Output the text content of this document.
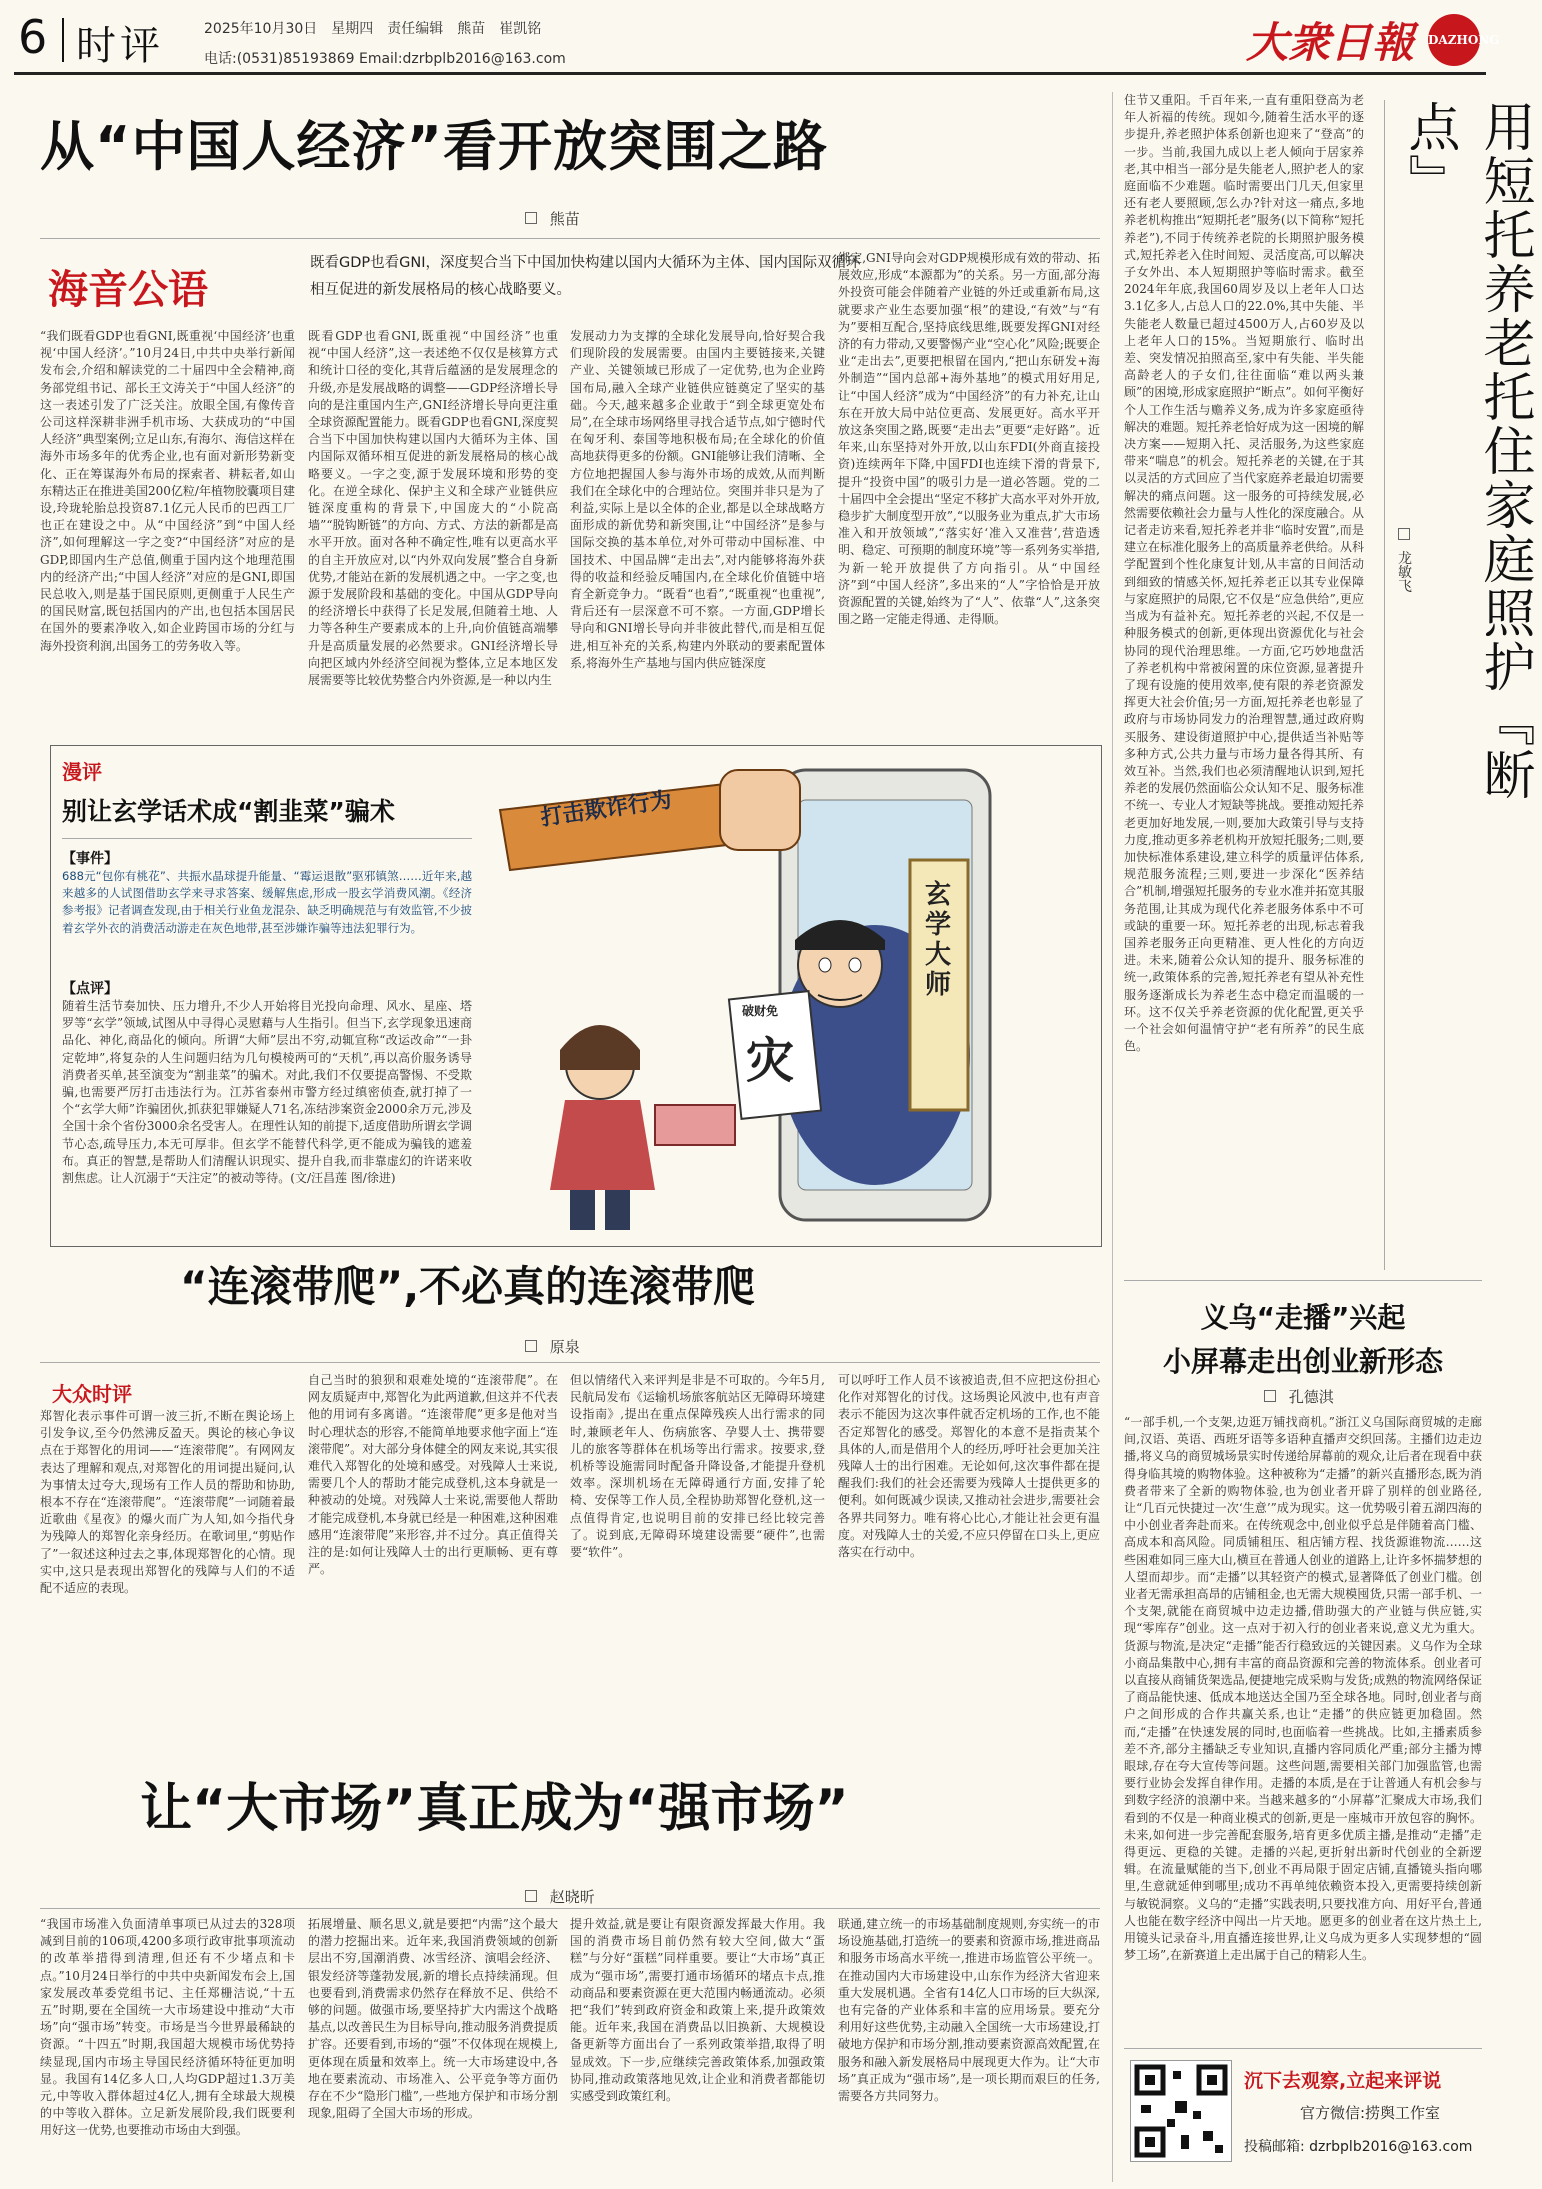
6 时评	2025年10月30日　星期四　责任编辑　熊苗　崔凯铭
电话:(0531)85193869 Email:dzrbplb2016@163.com	大衆日報 DAZHONG
从“中国人经济”看开放突围之路
熊苗
海音公语
既看GDP也看GNI，深度契合当下中国加快构建以国内大循环为主体、国内国际双循环
相互促进的新发展格局的核心战略要义。
“我们既看GDP也看GNI,既重视‘中国经济’也重视‘中国人经济’。”10月24日,中共中央举行新闻发布会,介绍和解读党的二十届四中全会精神,商务部党组书记、部长王文涛关于“中国人经济”的这一表述引发了广泛关注。放眼全国,有像传音公司这样深耕非洲手机市场、大获成功的“中国人经济”典型案例;立足山东,有海尔、海信这样在海外市场多年的优秀企业,也有面对新形势新变化、正在筹谋海外布局的探索者、耕耘者,如山东精达正在推进美国200亿粒/年植物胶囊项目建设,玲珑轮胎总投资87.1亿元人民币的巴西工厂也正在建设之中。从“中国经济”到“中国人经济”,如何理解这一字之变?“中国经济”对应的是GDP,即国内生产总值,侧重于国内这个地理范围内的经济产出;“中国人经济”对应的是GNI,即国民总收入,则是基于国民原则,更侧重于人民生产的国民财富,既包括国内的产出,也包括本国居民在国外的要素净收入,如企业跨国市场的分红与海外投资利润,出国务工的劳务收入等。
既看GDP也看GNI,既重视“中国经济”也重视“中国人经济”,这一表述绝不仅仅是核算方式和统计口径的变化,其背后蕴涵的是发展理念的升级,亦是发展战略的调整——GDP经济增长导向的是注重国内生产,GNI经济增长导向更注重全球资源配置能力。既看GDP也看GNI,深度契合当下中国加快构建以国内大循环为主体、国内国际双循环相互促进的新发展格局的核心战略要义。一字之变,源于发展环境和形势的变化。在逆全球化、保护主义和全球产业链供应链深度重构的背景下,中国庞大的“小院高墙”“脱钩断链”的方向、方式、方法的新都是高水平开放。面对各种不确定性,唯有以更高水平的自主开放应对,以“内外双向发展”整合自身新优势,才能站在新的发展机遇之中。一字之变,也源于发展阶段和基础的变化。中国从GDP导向的经济增长中获得了长足发展,但随着土地、人力等各种生产要素成本的上升,向价值链高端攀升是高质量发展的必然要求。GNI经济增长导向把区域内外经济空间视为整体,立足本地区发展需要等比较优势整合内外资源,是一种以内生
发展动力为支撑的全球化发展导向,恰好契合我们现阶段的发展需要。由国内主要链接来,关键产业、关键领域已形成了一定优势,也为企业跨国布局,融入全球产业链供应链奠定了坚实的基础。今天,越来越多企业敢于“到全球更宽处布局”,在全球市场网络里寻找合适节点,如宁德时代在匈牙利、泰国等地积极布局;在全球化的价值高地获得更多的份额。GNI能够让我们清晰、全方位地把握国人参与海外市场的成效,从而判断我们在全球化中的合理站位。突围并非只是为了利益,实际上是以全体的企业,都是以全球战略方面形成的新优势和新突围,让“中国经济”是参与国际交换的基本单位,对外可带动中国标准、中国技术、中国品牌“走出去”,对内能够将海外获得的收益和经验反哺国内,在全球化价值链中培育全新竞争力。“既看“也看”,“既重视“也重视”,背后还有一层深意不可不察。一方面,GDP增长导向和GNI增长导向并非彼此替代,而是相互促进,相互补充的关系,构建内外联动的要素配置体系,将海外生产基地与国内供应链深度
绑定,GNI导向会对GDP规模形成有效的带动、拓展效应,形成“本源都为”的关系。另一方面,部分海外投资可能会伴随着产业链的外迁或重新布局,这就要求产业生态要加强“根”的建设,“有效”与“有为”要相互配合,坚持底线思维,既要发挥GNI对经济的有力带动,又要警惕产业“空心化”风险;既要企业“走出去”,更要把根留在国内,“把山东研发+海外制造”“国内总部+海外基地”的模式用好用足,让“中国人经济”成为“中国经济”的有力补充,让山东在开放大局中站位更高、发展更好。高水平开放这条突围之路,既要“走出去”更要“走好路”。近年来,山东坚持对外开放,以山东FDI(外商直接投资)连续两年下降,中国FDI也连续下滑的背景下,提升“投资中国”的吸引力是一道必答题。党的二十届四中全会提出“坚定不移扩大高水平对外开放,稳步扩大制度型开放”,“以服务业为重点,扩大市场准入和开放领域”,“落实好‘准入又准营’,营造透明、稳定、可预期的制度环境”等一系列务实举措,为新一轮开放提供了方向指引。从“中国经济”到“中国人经济”,多出来的“人”字恰恰是开放资源配置的关键,始终为了“人”、依靠“人”,这条突围之路一定能走得通、走得顺。
漫评
别让玄学话术成“割韭菜”骗术
【事件】
688元“包你有桃花”、共振水晶球提升能量、“霉运退散”驱邪镇煞……近年来,越来越多的人试图借助玄学来寻求答案、缓解焦虑,形成一股玄学消费风潮。《经济参考报》记者调查发现,由于相关行业鱼龙混杂、缺乏明确规范与有效监管,不少披着玄学外衣的消费活动游走在灰色地带,甚至涉嫌诈骗等违法犯罪行为。
【点评】
随着生活节奏加快、压力增升,不少人开始将目光投向命理、风水、星座、塔罗等“玄学”领域,试图从中寻得心灵慰藉与人生指引。但当下,玄学现象迅速商品化、神化,商品化的倾向。所谓“大师”层出不穷,动辄宣称“改运改命”“一卦定乾坤”,将复杂的人生问题归结为几句模棱两可的“天机”,再以高价服务诱导消费者买单,甚至演变为“割韭菜”的骗术。对此,我们不仅要提高警惕、不受欺骗,也需要严厉打击违法行为。江苏省泰州市警方经过缜密侦查,就打掉了一个“玄学大师”诈骗团伙,抓获犯罪嫌疑人71名,冻结涉案资金2000余万元,涉及全国十余个省份3000余名受害人。在理性认知的前提下,适度借助所谓玄学调节心态,疏导压力,本无可厚非。但玄学不能替代科学,更不能成为骗钱的遮羞布。真正的智慧,是帮助人们清醒认识现实、提升自我,而非靠虚幻的许诺来收割焦虑。让人沉溺于“天注定”的被动等待。(文/汪昌莲 图/徐进)
打击欺诈行为
玄学大师
破财免
灾
“连滚带爬”,不必真的连滚带爬
原泉
大众时评
郑智化表示事件可谓一波三折,不断在舆论场上引发争议,至今仍然沸反盈天。舆论的核心争议点在于郑智化的用词——“连滚带爬”。有网网友表达了理解和观点,对郑智化的用词提出疑问,认为事情太过夸大,现场有工作人员的帮助和协助,根本不存在“连滚带爬”。“连滚带爬”一词随着最近歌曲《星夜》的爆火而广为人知,如今指代身为残障人的郑智化亲身经历。在歌词里,“剪贴作了”一叙述这种过去之事,体现郑智化的心情。现实中,这只是表现出郑智化的残障与人们的不适配不适应的表现。
自己当时的狼狈和艰难处境的“连滚带爬”。在网友质疑声中,郑智化为此两道歉,但这并不代表他的用词有多离谱。“连滚带爬”更多是他对当时心理状态的形容,不能简单地要求他字面上“连滚带爬”。对大部分身体健全的网友来说,其实很难代入郑智化的处境和感受。对残障人士来说,需要几个人的帮助才能完成登机,这本身就是一种被动的处境。对残障人士来说,需要他人帮助才能完成登机,本身就已经是一种困难,这种困难感用“连滚带爬”来形容,并不过分。真正值得关注的是:如何让残障人士的出行更顺畅、更有尊严。
但以情绪代入来评判是非是不可取的。今年5月,民航局发布《运输机场旅客航站区无障碍环境建设指南》,提出在重点保障残疾人出行需求的同时,兼顾老年人、伤病旅客、孕婴人士、携带婴儿的旅客等群体在机场等出行需求。按要求,登机桥等设施需同时配备升降设备,才能提升登机效率。深圳机场在无障碍通行方面,安排了轮椅、安保等工作人员,全程协助郑智化登机,这一点值得肯定,也说明目前的安排已经比较完善了。说到底,无障碍环境建设需要“硬件”,也需要“软件”。
可以呼吁工作人员不该被追责,但不应把这份担心化作对郑智化的讨伐。这场舆论风波中,也有声音表示不能因为这次事件就否定机场的工作,也不能否定郑智化的感受。郑智化的本意不是指责某个具体的人,而是借用个人的经历,呼吁社会更加关注残障人士的出行困难。无论如何,这次事件都在提醒我们:我们的社会还需要为残障人士提供更多的便利。如何既减少误读,又推动社会进步,需要社会各界共同努力。唯有将心比心,才能让社会更有温度。对残障人士的关爱,不应只停留在口头上,更应落实在行动中。
让“大市场”真正成为“强市场”
赵晓昕
“我国市场准入负面清单事项已从过去的328项减到目前的106项,4200多项行政审批事项流动的改革举措得到清理,但还有不少堵点和卡点。”10月24日举行的中共中央新闻发布会上,国家发展改革委党组书记、主任郑栅洁说,“十五五”时期,要在全国统一大市场建设中推动“大市场”向“强市场”转变。市场是当今世界最稀缺的资源。“十四五”时期,我国超大规模市场优势持续显现,国内市场主导国民经济循环特征更加明显。我国有14亿多人口,人均GDP超过1.3万美元,中等收入群体超过4亿人,拥有全球最大规模的中等收入群体。立足新发展阶段,我们既要利用好这一优势,也要推动市场由大到强。
拓展增量、顺名思义,就是要把“内需”这个最大的潜力挖掘出来。近年来,我国消费领域的创新层出不穷,国潮消费、冰雪经济、演唱会经济、银发经济等蓬勃发展,新的增长点持续涌现。但也要看到,消费需求仍然存在释放不足、供给不够的问题。做强市场,要坚持扩大内需这个战略基点,以改善民生为目标导向,推动服务消费提质扩容。还要看到,市场的“强”不仅体现在规模上,更体现在质量和效率上。统一大市场建设中,各地在要素流动、市场准入、公平竞争等方面仍存在不少“隐形门槛”,一些地方保护和市场分割现象,阻碍了全国大市场的形成。
提升效益,就是要让有限资源发挥最大作用。我国的消费市场目前仍然有较大空间,做大“蛋糕”与分好“蛋糕”同样重要。要让“大市场”真正成为“强市场”,需要打通市场循环的堵点卡点,推动商品和要素资源在更大范围内畅通流动。必须把“我们”转到政府资金和政策上来,提升政策效能。近年来,我国在消费品以旧换新、大规模设备更新等方面出台了一系列政策举措,取得了明显成效。下一步,应继续完善政策体系,加强政策协同,推动政策落地见效,让企业和消费者都能切实感受到政策红利。
联通,建立统一的市场基础制度规则,夯实统一的市场设施基础,打造统一的要素和资源市场,推进商品和服务市场高水平统一,推进市场监管公平统一。在推动国内大市场建设中,山东作为经济大省迎来重大发展机遇。全省有14亿人口市场的巨大纵深,也有完备的产业体系和丰富的应用场景。要充分利用好这些优势,主动融入全国统一大市场建设,打破地方保护和市场分割,推动要素资源高效配置,在服务和融入新发展格局中展现更大作为。让“大市场”真正成为“强市场”,是一项长期而艰巨的任务,需要各方共同努力。
住节又重阳。千百年来,一直有重阳登高为老年人祈福的传统。现如今,随着生活水平的逐步提升,养老照护体系创新也迎来了“登高”的一步。当前,我国九成以上老人倾向于居家养老,其中相当一部分是失能老人,照护老人的家庭面临不少难题。临时需要出门几天,但家里还有老人要照顾,怎么办?针对这一痛点,多地养老机构推出“短期托老”服务(以下简称“短托养老”),不同于传统养老院的长期照护服务模式,短托养老入住时间短、灵活度高,可以解决子女外出、本人短期照护等临时需求。截至2024年年底,我国60周岁及以上老年人口达3.1亿多人,占总人口的22.0%,其中失能、半失能老人数量已超过4500万人,占60岁及以上老年人口的15%。当短期旅行、临时出差、突发情况拍照高至,家中有失能、半失能高龄老人的子女们,往往面临“难以两头兼顾”的困境,形成家庭照护“断点”。如何平衡好个人工作生活与赡养义务,成为许多家庭亟待解决的难题。短托养老恰好成为这一困境的解决方案——短期入托、灵活服务,为这些家庭带来“喘息”的机会。短托养老的关键,在于其以灵活的方式回应了当代家庭养老最迫切需要解决的痛点问题。这一服务的可持续发展,必然需要依赖社会力量与人性化的深度融合。从记者走访来看,短托养老并非“临时安置”,而是建立在标准化服务上的高质量养老供给。从科学配置到个性化康复计划,从丰富的日间活动到细致的情感关怀,短托养老正以其专业保障与家庭照护的局限,它不仅是“应急供给”,更应当成为有益补充。短托养老的兴起,不仅是一种服务模式的创新,更体现出资源优化与社会协同的现代治理思维。一方面,它巧妙地盘活了养老机构中常被闲置的床位资源,显著提升了现有设施的使用效率,使有限的养老资源发挥更大社会价值;另一方面,短托养老也彰显了政府与市场协同发力的治理智慧,通过政府购买服务、建设街道照护中心,提供适当补贴等多种方式,公共力量与市场力量各得其所、有效互补。当然,我们也必须清醒地认识到,短托养老的发展仍然面临公众认知不足、服务标准不统一、专业人才短缺等挑战。要推动短托养老更加好地发展,一则,要加大政策引导与支持力度,推动更多养老机构开放短托服务;二则,要加快标准体系建设,建立科学的质量评估体系,规范服务流程;三则,要进一步深化“医养结合”机制,增强短托服务的专业水准并拓宽其服务范围,让其成为现代化养老服务体系中不可或缺的重要一环。短托养老的出现,标志着我国养老服务正向更精准、更人性化的方向迈进。未来,随着公众认知的提升、服务标准的统一,政策体系的完善,短托养老有望从补充性服务逐渐成长为养老生态中稳定而温暖的一环。这不仅关乎养老资源的优化配置,更关乎一个社会如何温情守护“老有所养”的民生底色。
用短托养老托住家庭照护『断点』
龙敏飞
义乌“走播”兴起
小屏幕走出创业新形态
孔德淇
“一部手机,一个支架,边逛万铺找商机。”浙江义乌国际商贸城的走廊间,汉语、英语、西班牙语等多语种直播声交织回荡。主播们边走边播,将义乌的商贸城场景实时传递给屏幕前的观众,让后者在现看中获得身临其境的购物体验。这种被称为“走播”的新兴直播形态,既为消费者带来了全新的购物体验,也为创业者开辟了别样的创业路径,让“几百元快捷过一次‘生意’”成为现实。这一优势吸引着五湖四海的中小创业者奔赴而来。在传统观念中,创业似乎总是伴随着高门槛、高成本和高风险。同质铺租压、租店铺方程、找货源谁物流……这些困难如同三座大山,横亘在普通人创业的道路上,让许多怀揣梦想的人望而却步。而“走播”以其轻资产的模式,显著降低了创业门槛。创业者无需承担高昂的店铺租金,也无需大规模囤货,只需一部手机、一个支架,就能在商贸城中边走边播,借助强大的产业链与供应链,实现“零库存”创业。这一点对于初入行的创业者来说,意义尤为重大。货源与物流,是决定“走播”能否行稳致远的关键因素。义乌作为全球小商品集散中心,拥有丰富的商品资源和完善的物流体系。创业者可以直接从商铺货架选品,便捷地完成采购与发货;成熟的物流网络保证了商品能快速、低成本地送达全国乃至全球各地。同时,创业者与商户之间形成的合作共赢关系,也让“走播”的供应链更加稳固。然而,“走播”在快速发展的同时,也面临着一些挑战。比如,主播素质参差不齐,部分主播缺乏专业知识,直播内容同质化严重;部分主播为博眼球,存在夸大宣传等问题。这些问题,需要相关部门加强监管,也需要行业协会发挥自律作用。走播的本质,是在于让普通人有机会参与到数字经济的浪潮中来。当越来越多的“小屏幕”汇聚成大市场,我们看到的不仅是一种商业模式的创新,更是一座城市开放包容的胸怀。未来,如何进一步完善配套服务,培育更多优质主播,是推动“走播”走得更远、更稳的关键。走播的兴起,更折射出新时代创业的全新逻辑。在流量赋能的当下,创业不再局限于固定店铺,直播镜头指向哪里,生意就延伸到哪里;成功不再单纯依赖资本投入,更需要持续创新与敏锐洞察。义乌的“走播”实践表明,只要找准方向、用好平台,普通人也能在数字经济中闯出一片天地。愿更多的创业者在这片热土上,用镜头记录奋斗,用直播连接世界,让义乌成为更多人实现梦想的“圆梦工场”,在新赛道上走出属于自己的精彩人生。
沉下去观察,立起来评说
官方微信:捞舆工作室
投稿邮箱: dzrbplb2016@163.com
